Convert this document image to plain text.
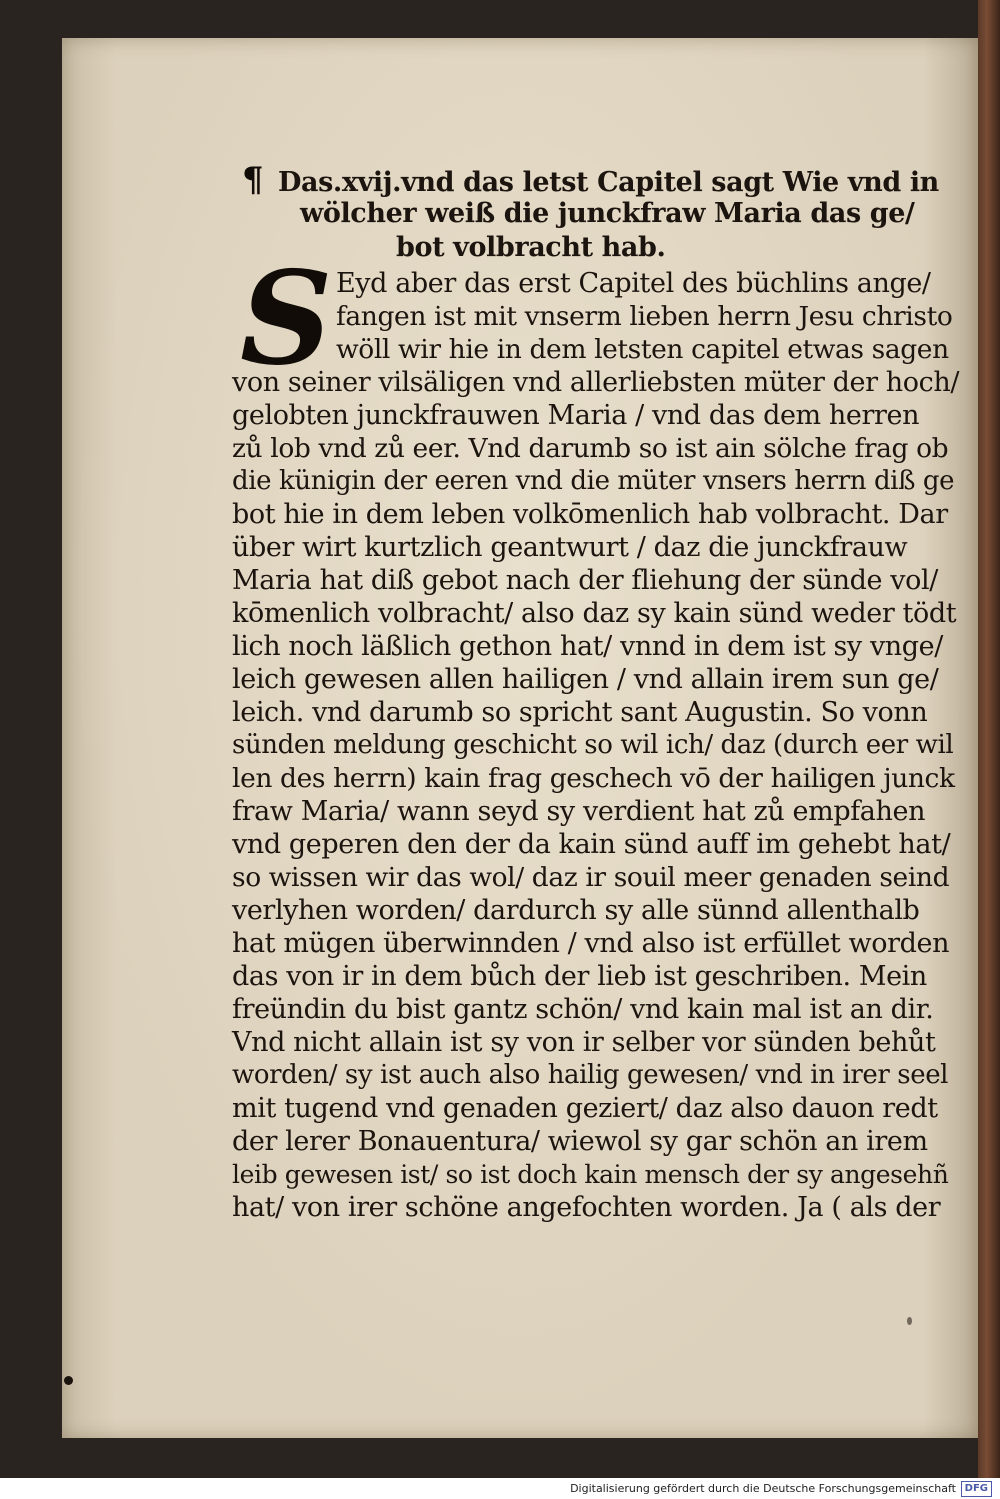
¶ Das.xvij.vnd das letst Capitel sagt Wie vnd in
wölcher weiß die junckfraw Maria das ge/
bot volbracht hab.
S Eyd aber das erst Capitel des büchlins ange/
fangen ist mit vnserm lieben herrn Jesu christo
wöll wir hie in dem letsten capitel etwas sagen
von seiner vilsäligen vnd allerliebsten müter der hoch/
gelobten junckfrauwen Maria / vnd das dem herren
zů lob vnd zů eer. Vnd darumb so ist ain sölche frag ob
die künigin der eeren vnd die müter vnsers herrn diß ge
bot hie in dem leben volkōmenlich hab volbracht. Dar
über wirt kurtzlich geantwurt / daz die junckfrauw
Maria hat diß gebot nach der fliehung der sünde vol/
kōmenlich volbracht/ also daz sy kain sünd weder tödt
lich noch läßlich gethon hat/ vnnd in dem ist sy vnge/
leich gewesen allen hailigen / vnd allain irem sun ge/
leich. vnd darumb so spricht sant Augustin. So vonn
sünden meldung geschicht so wil ich/ daz (durch eer wil
len des herrn) kain frag geschech vō der hailigen junck
fraw Maria/ wann seyd sy verdient hat zů empfahen
vnd geperen den der da kain sünd auff im gehebt hat/
so wissen wir das wol/ daz ir souil meer genaden seind
verlyhen worden/ dardurch sy alle sünnd allenthalb
hat mügen überwinnden / vnd also ist erfüllet worden
das von ir in dem bůch der lieb ist geschriben. Mein
freündin du bist gantz schön/ vnd kain mal ist an dir.
Vnd nicht allain ist sy von ir selber vor sünden behůt
worden/ sy ist auch also hailig gewesen/ vnd in irer seel
mit tugend vnd genaden geziert/ daz also dauon redt
der lerer Bonauentura/ wiewol sy gar schön an irem
leib gewesen ist/ so ist doch kain mensch der sy angesehñ
hat/ von irer schöne angefochten worden. Ja ( als der
Digitalisierung gefördert durch die Deutsche Forschungsgemeinschaft DFG
